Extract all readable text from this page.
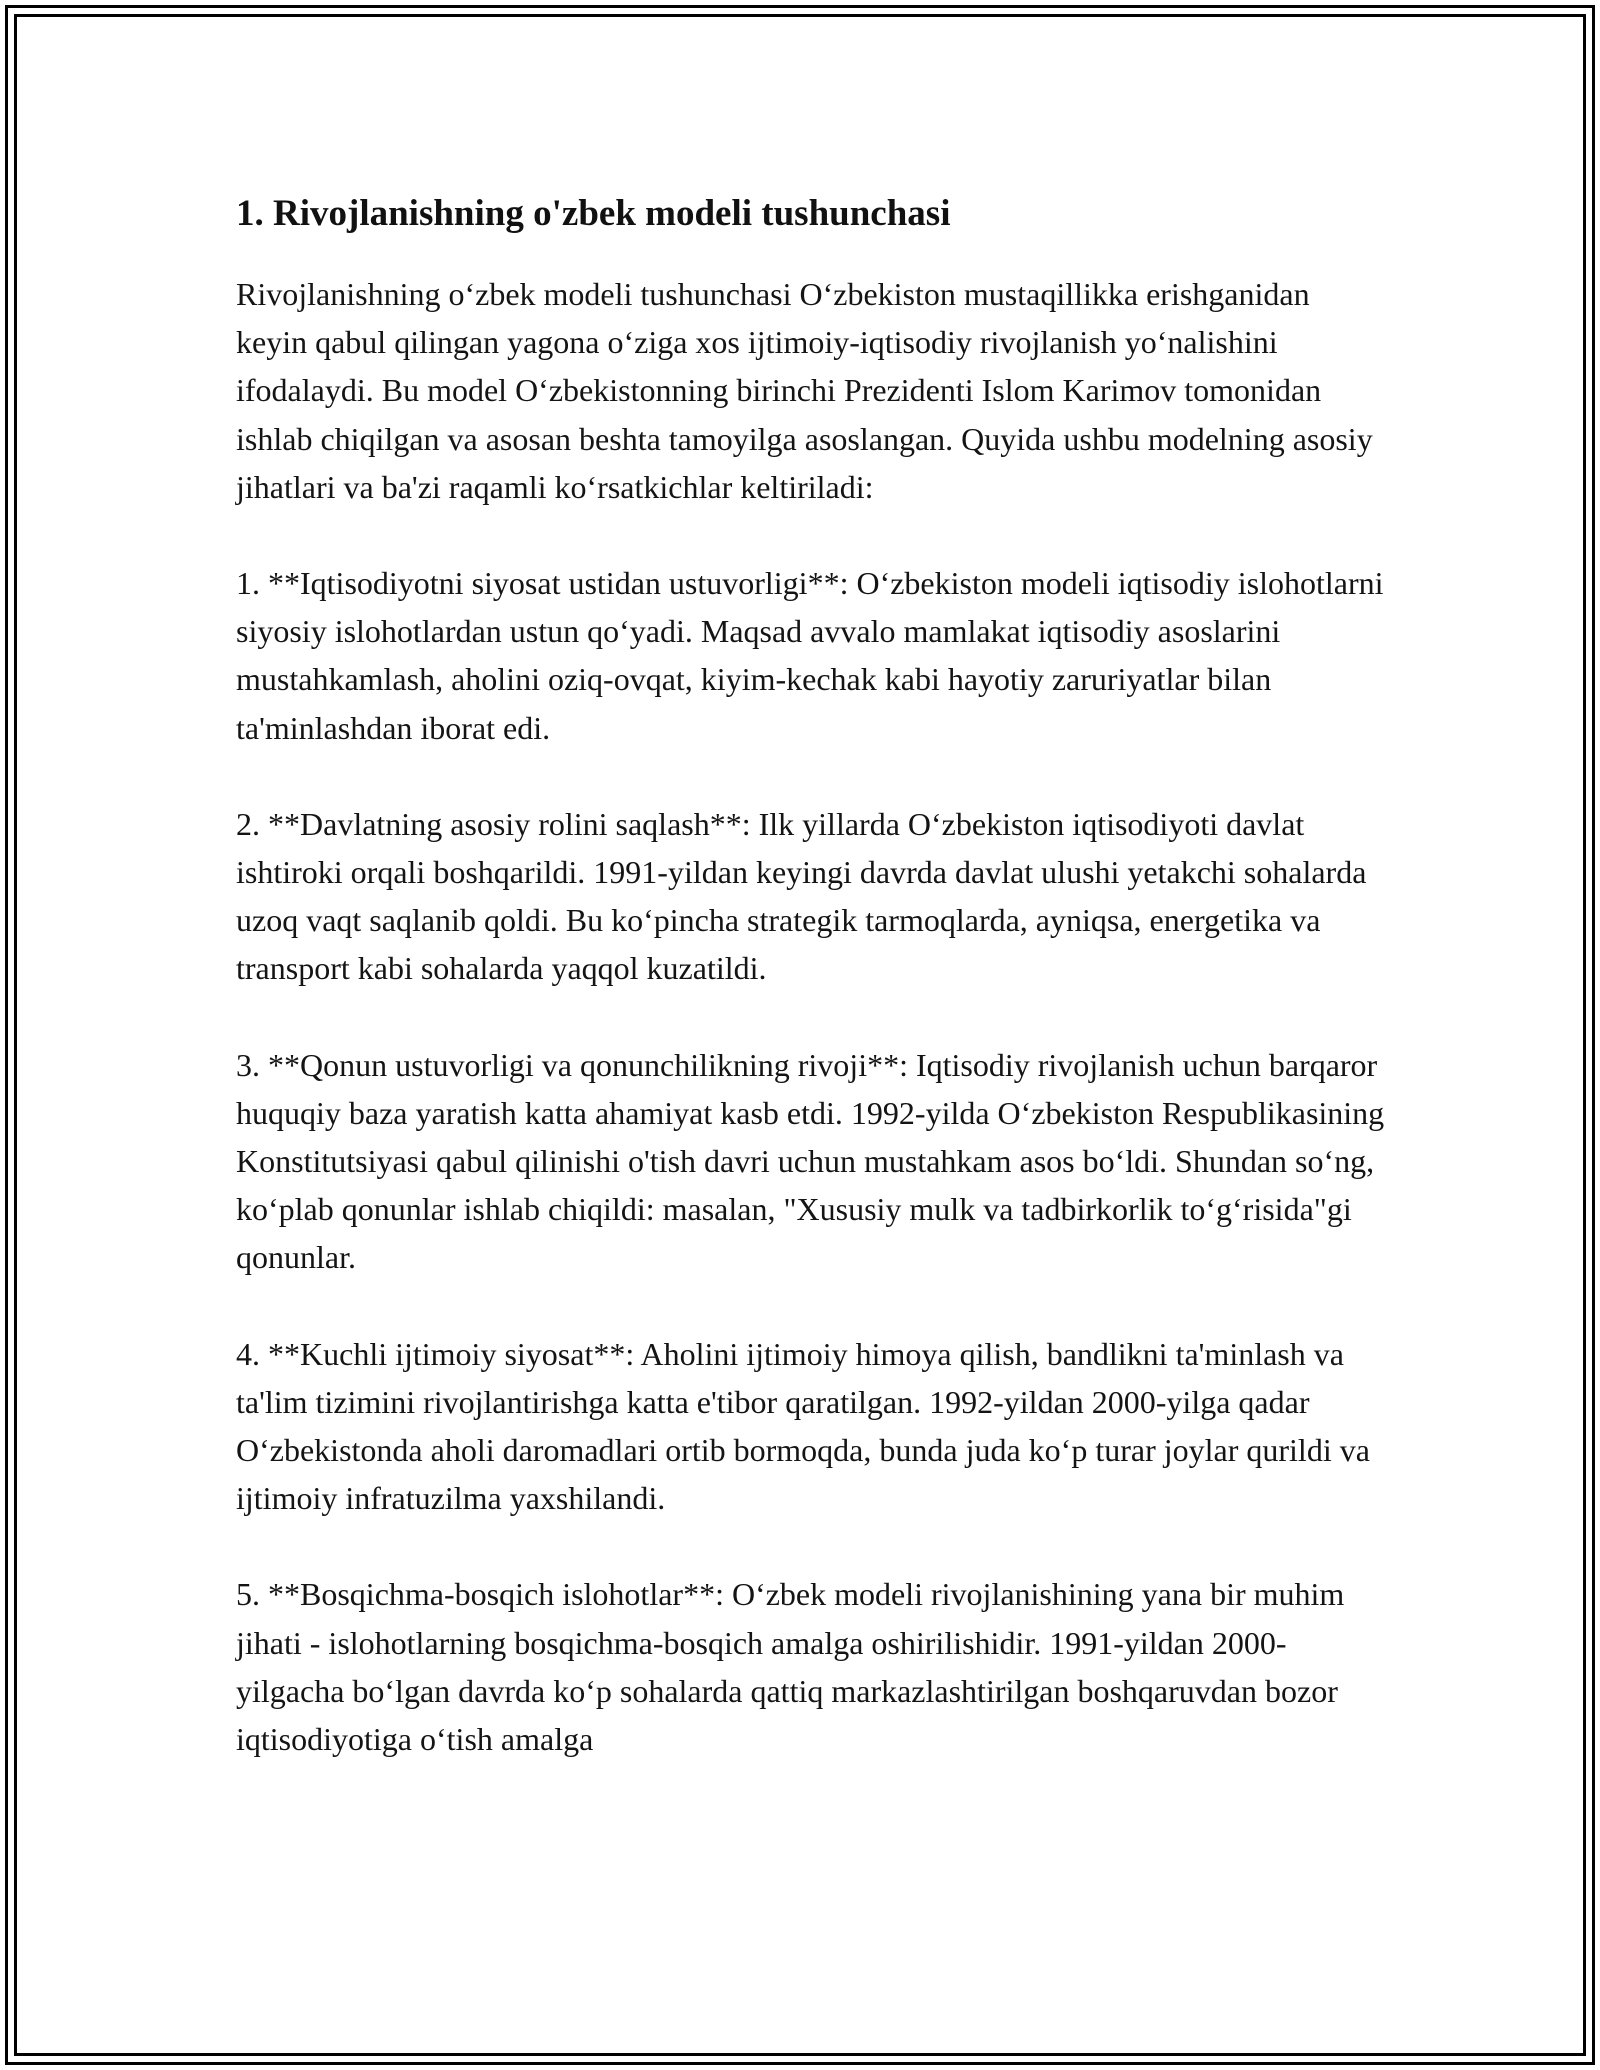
1. Rivojlanishning o'zbek modeli tushunchasi

Rivojlanishning o‘zbek modeli tushunchasi O‘zbekiston mustaqillikka erishganidan keyin qabul qilingan yagona o‘ziga xos ijtimoiy-iqtisodiy rivojlanish yo‘nalishini ifodalaydi. Bu model O‘zbekistonning birinchi Prezidenti Islom Karimov tomonidan ishlab chiqilgan va asosan beshta tamoyilga asoslangan. Quyida ushbu modelning asosiy jihatlari va ba'zi raqamli ko‘rsatkichlar keltiriladi:

1. **Iqtisodiyotni siyosat ustidan ustuvorligi**: O‘zbekiston modeli iqtisodiy islohotlarni siyosiy islohotlardan ustun qo‘yadi. Maqsad avvalo mamlakat iqtisodiy asoslarini mustahkamlash, aholini oziq-ovqat, kiyim-kechak kabi hayotiy zaruriyatlar bilan ta'minlashdan iborat edi.

2. **Davlatning asosiy rolini saqlash**: Ilk yillarda O‘zbekiston iqtisodiyoti davlat ishtiroki orqali boshqarildi. 1991-yildan keyingi davrda davlat ulushi yetakchi sohalarda uzoq vaqt saqlanib qoldi. Bu ko‘pincha strategik tarmoqlarda, ayniqsa, energetika va transport kabi sohalarda yaqqol kuzatildi.

3. **Qonun ustuvorligi va qonunchilikning rivoji**: Iqtisodiy rivojlanish uchun barqaror huquqiy baza yaratish katta ahamiyat kasb etdi. 1992-yilda O‘zbekiston Respublikasining Konstitutsiyasi qabul qilinishi o'tish davri uchun mustahkam asos bo‘ldi. Shundan so‘ng, ko‘plab qonunlar ishlab chiqildi: masalan, "Xususiy mulk va tadbirkorlik to‘g‘risida"gi qonunlar.

4. **Kuchli ijtimoiy siyosat**: Aholini ijtimoiy himoya qilish, bandlikni ta'minlash va ta'lim tizimini rivojlantirishga katta e'tibor qaratilgan. 1992-yildan 2000-yilga qadar O‘zbekistonda aholi daromadlari ortib bormoqda, bunda juda ko‘p turar joylar qurildi va ijtimoiy infratuzilma yaxshilandi.

5. **Bosqichma-bosqich islohotlar**: O‘zbek modeli rivojlanishining yana bir muhim jihati - islohotlarning bosqichma-bosqich amalga oshirilishidir. 1991-yildan 2000-yilgacha bo‘lgan davrda ko‘p sohalarda qattiq markazlashtirilgan boshqaruvdan bozor iqtisodiyotiga o‘tish amalga
